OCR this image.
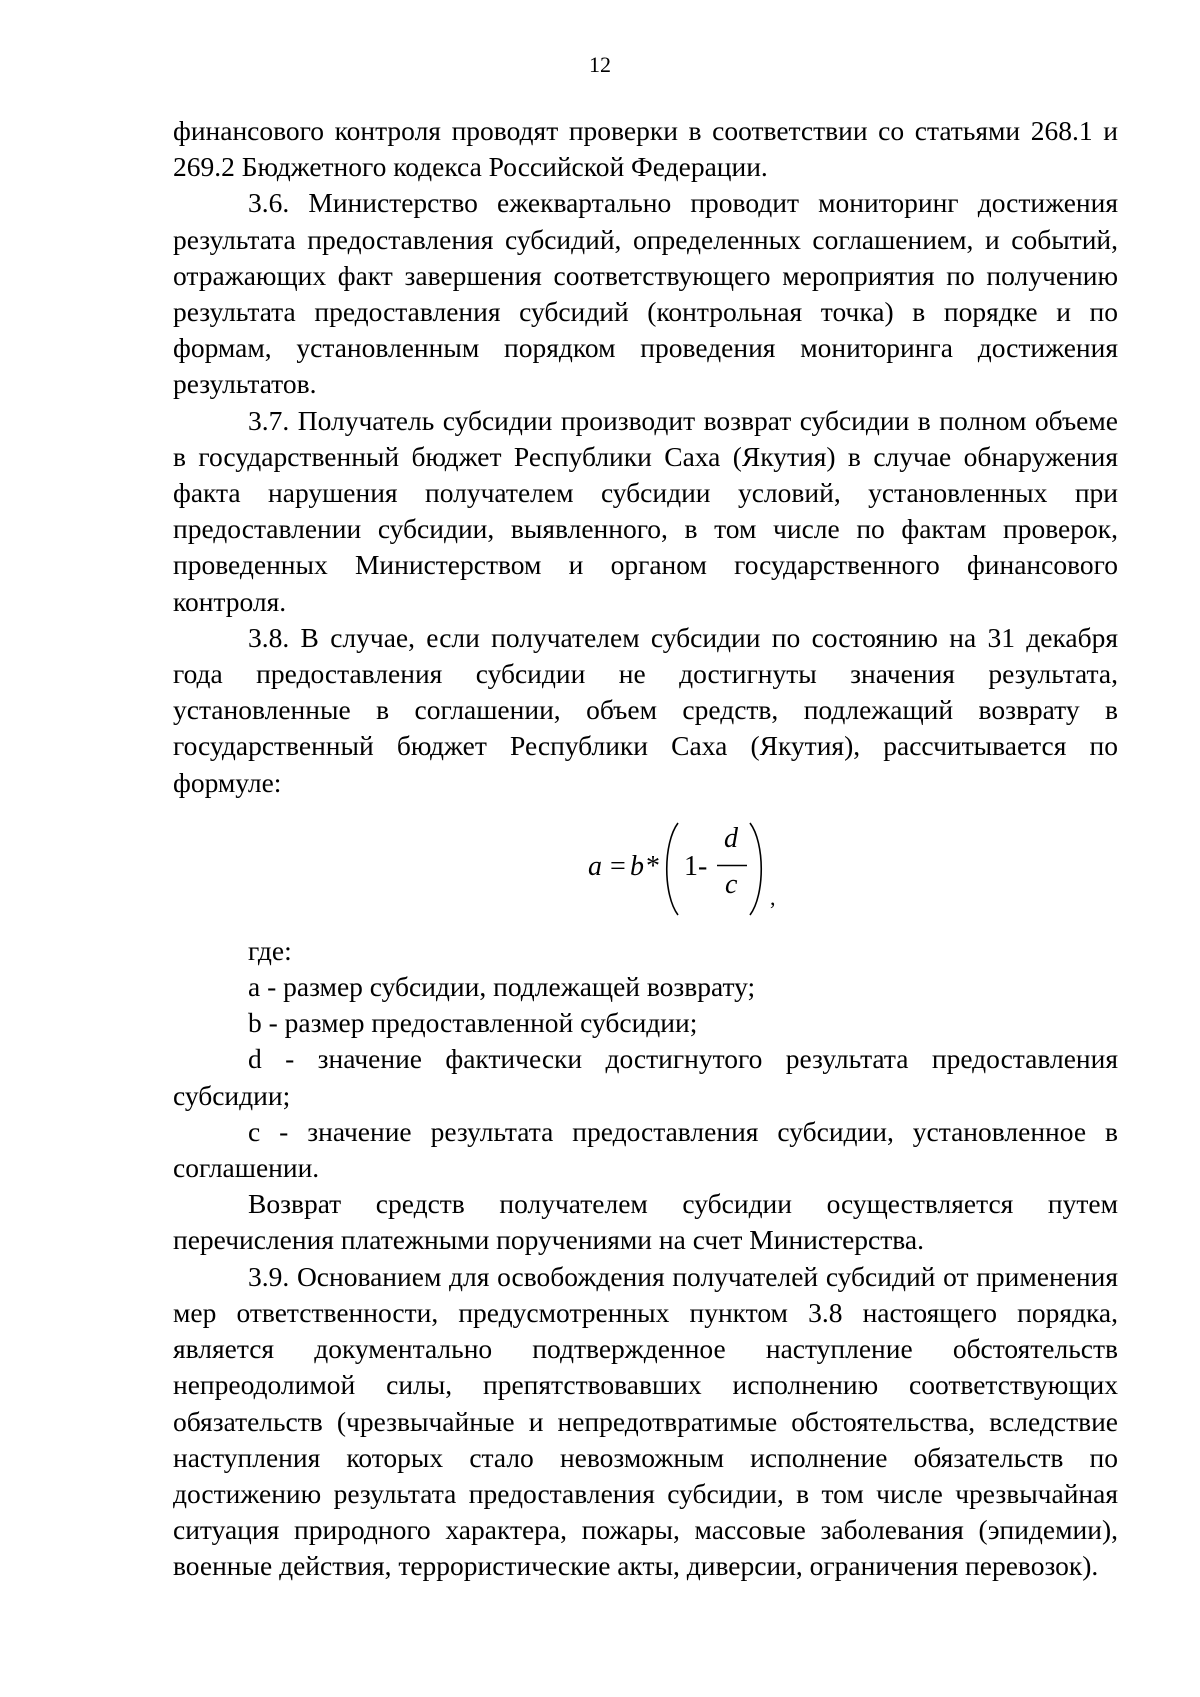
12

финансового контроля проводят проверки в соответствии со статьями 268.1 и 269.2 Бюджетного кодекса Российской Федерации.

3.6. Министерство ежеквартально проводит мониторинг достижения результата предоставления субсидий, определенных соглашением, и событий, отражающих факт завершения соответствующего мероприятия по получению результата предоставления субсидий (контрольная точка) в порядке и по формам, установленным порядком проведения мониторинга достижения результатов.

3.7. Получатель субсидии производит возврат субсидии в полном объеме в государственный бюджет Республики Саха (Якутия) в случае обнаружения факта нарушения получателем субсидии условий, установленных при предоставлении субсидии, выявленного, в том числе по фактам проверок, проведенных Министерством и органом государственного финансового контроля.

3.8. В случае, если получателем субсидии по состоянию на 31 декабря года предоставления субсидии не достигнуты значения результата, установленные в соглашении, объем средств, подлежащий возврату в государственный бюджет Республики Саха (Якутия), рассчитывается по формуле:

a = b * 1-
d
c ,

где:

a - размер субсидии, подлежащей возврату;

b - размер предоставленной субсидии;

d - значение фактически достигнутого результата предоставления субсидии;

c - значение результата предоставления субсидии, установленное в соглашении.

Возврат средств получателем субсидии осуществляется путем перечисления платежными поручениями на счет Министерства.

3.9. Основанием для освобождения получателей субсидий от применения мер ответственности, предусмотренных пунктом 3.8 настоящего порядка, является документально подтвержденное наступление обстоятельств непреодолимой силы, препятствовавших исполнению соответствующих обязательств (чрезвычайные и непредотвратимые обстоятельства, вследствие наступления которых стало невозможным исполнение обязательств по достижению результата предоставления субсидии, в том числе чрезвычайная ситуация природного характера, пожары, массовые заболевания (эпидемии), военные действия, террористические акты, диверсии, ограничения перевозок).
